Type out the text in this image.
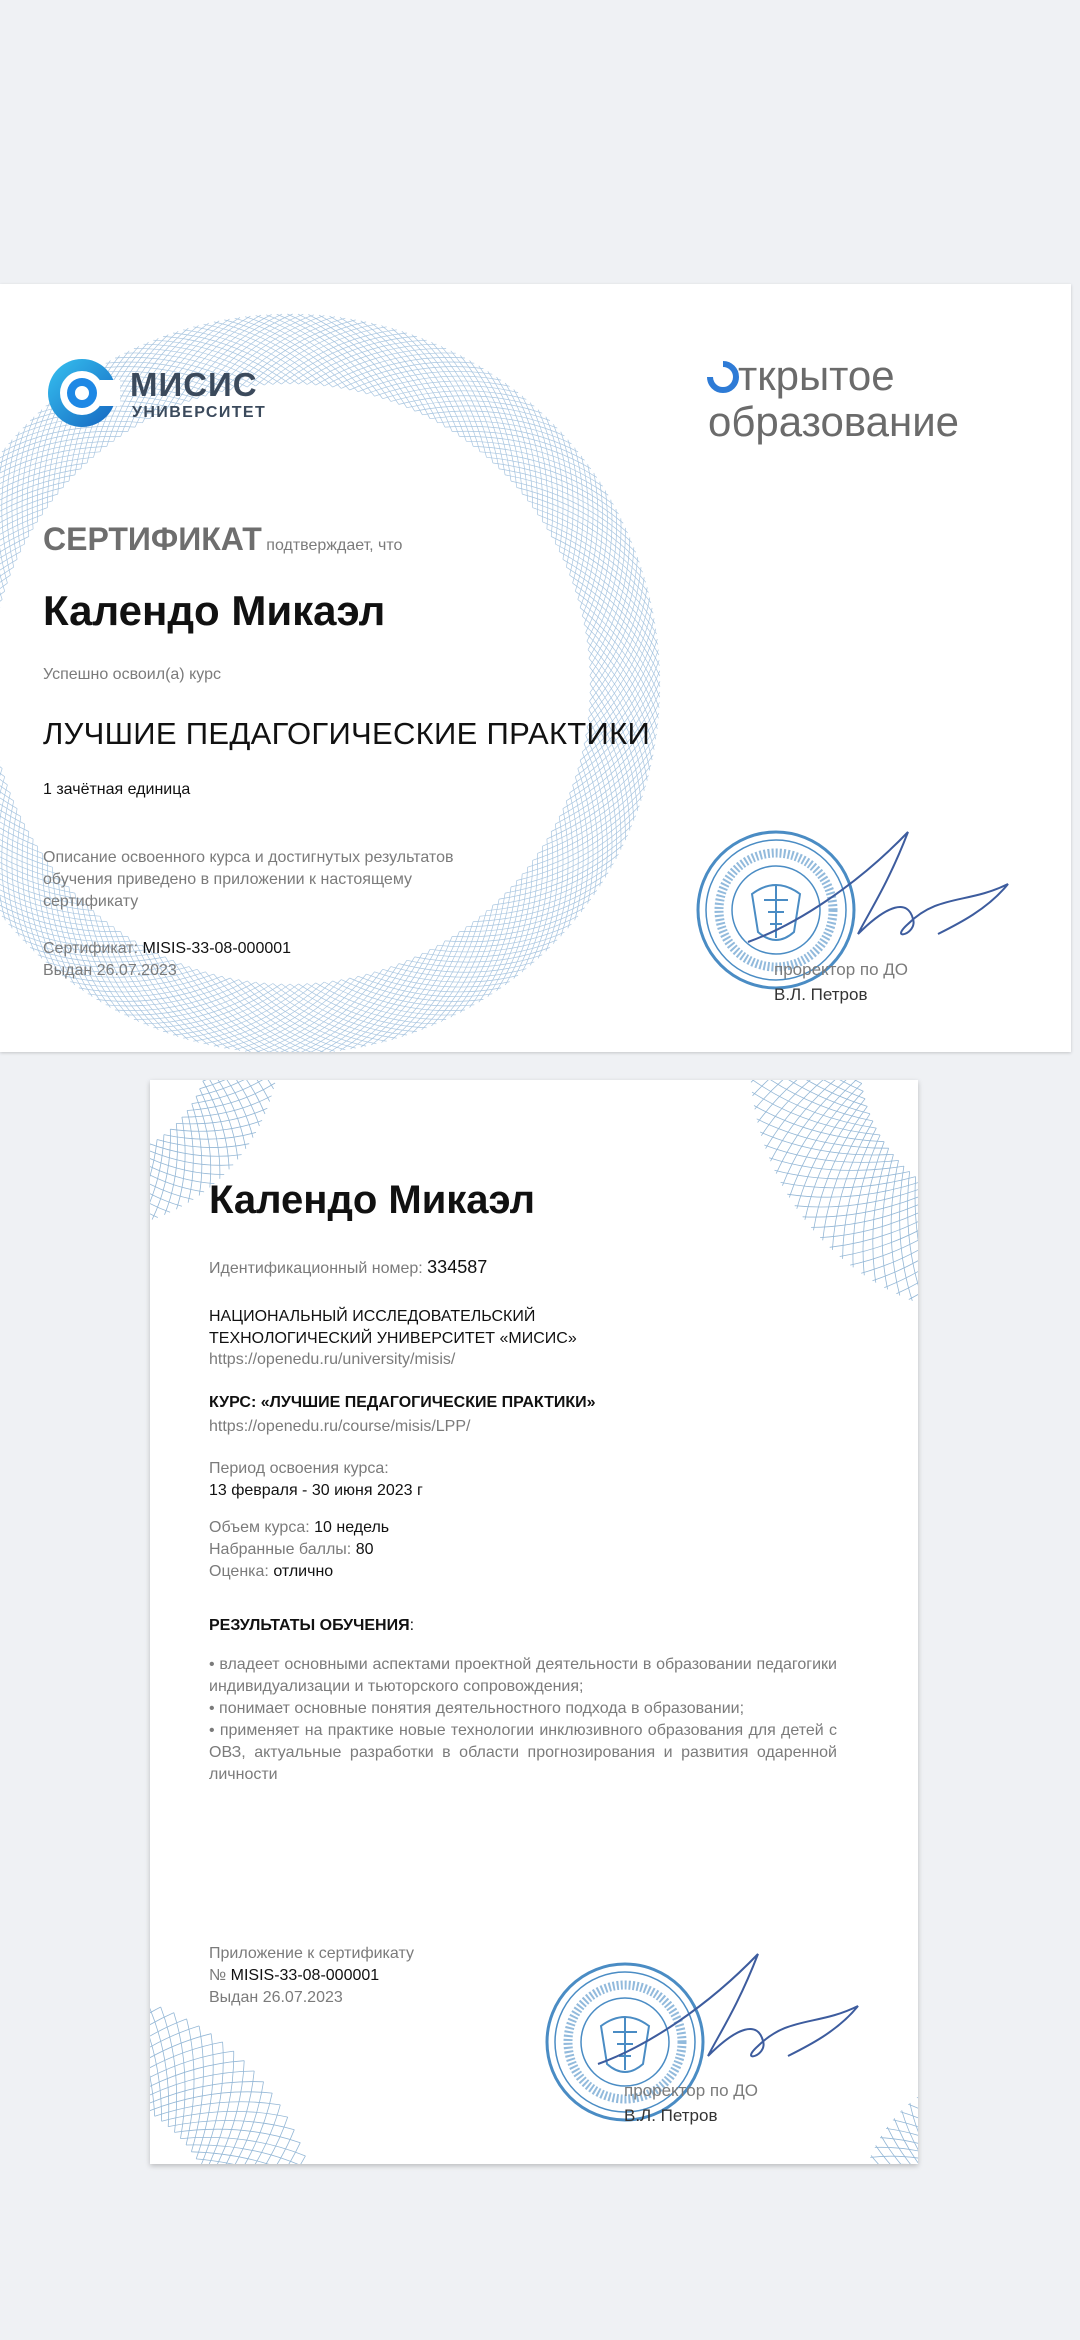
МИСИС
УНИВЕРСИТЕТ
ткрытое
образование
СЕРТИФИКАТ подтверждает, что
Календо Микаэл
Успешно освоил(а) курс
ЛУЧШИЕ ПЕДАГОГИЧЕСКИЕ ПРАКТИКИ
1 зачётная единица
Описание освоенного курса и достигнутых результатов
обучения приведено в приложении к настоящему
сертификату
Сертификат: MISIS-33-08-000001
Выдан 26.07.2023	проректор по ДО
В.Л. Петров
Календо Микаэл
Идентификационный номер: 334587
НАЦИОНАЛЬНЫЙ ИССЛЕДОВАТЕЛЬСКИЙ
ТЕХНОЛОГИЧЕСКИЙ УНИВЕРСИТЕТ «МИСИС»
https://openedu.ru/university/misis/
КУРС: «ЛУЧШИЕ ПЕДАГОГИЧЕСКИЕ ПРАКТИКИ»
https://openedu.ru/course/misis/LPP/
Период освоения курса:
13 февраля - 30 июня 2023 г
Объем курса: 10 недель
Набранные баллы: 80
Оценка: отлично
РЕЗУЛЬТАТЫ ОБУЧЕНИЯ:
• владеет основными аспектами проектной деятельности в образовании педагогики индивидуализации и тьюторского сопровождения;
• понимает основные понятия деятельностного подхода в образовании;
• применяет на практике новые технологии инклюзивного образования для детей с ОВЗ, актуальные разработки в области прогнозирования и развития одаренной личности
Приложение к сертификату
№ MISIS-33-08-000001
Выдан 26.07.2023
проректор по ДО
В.Л. Петров
